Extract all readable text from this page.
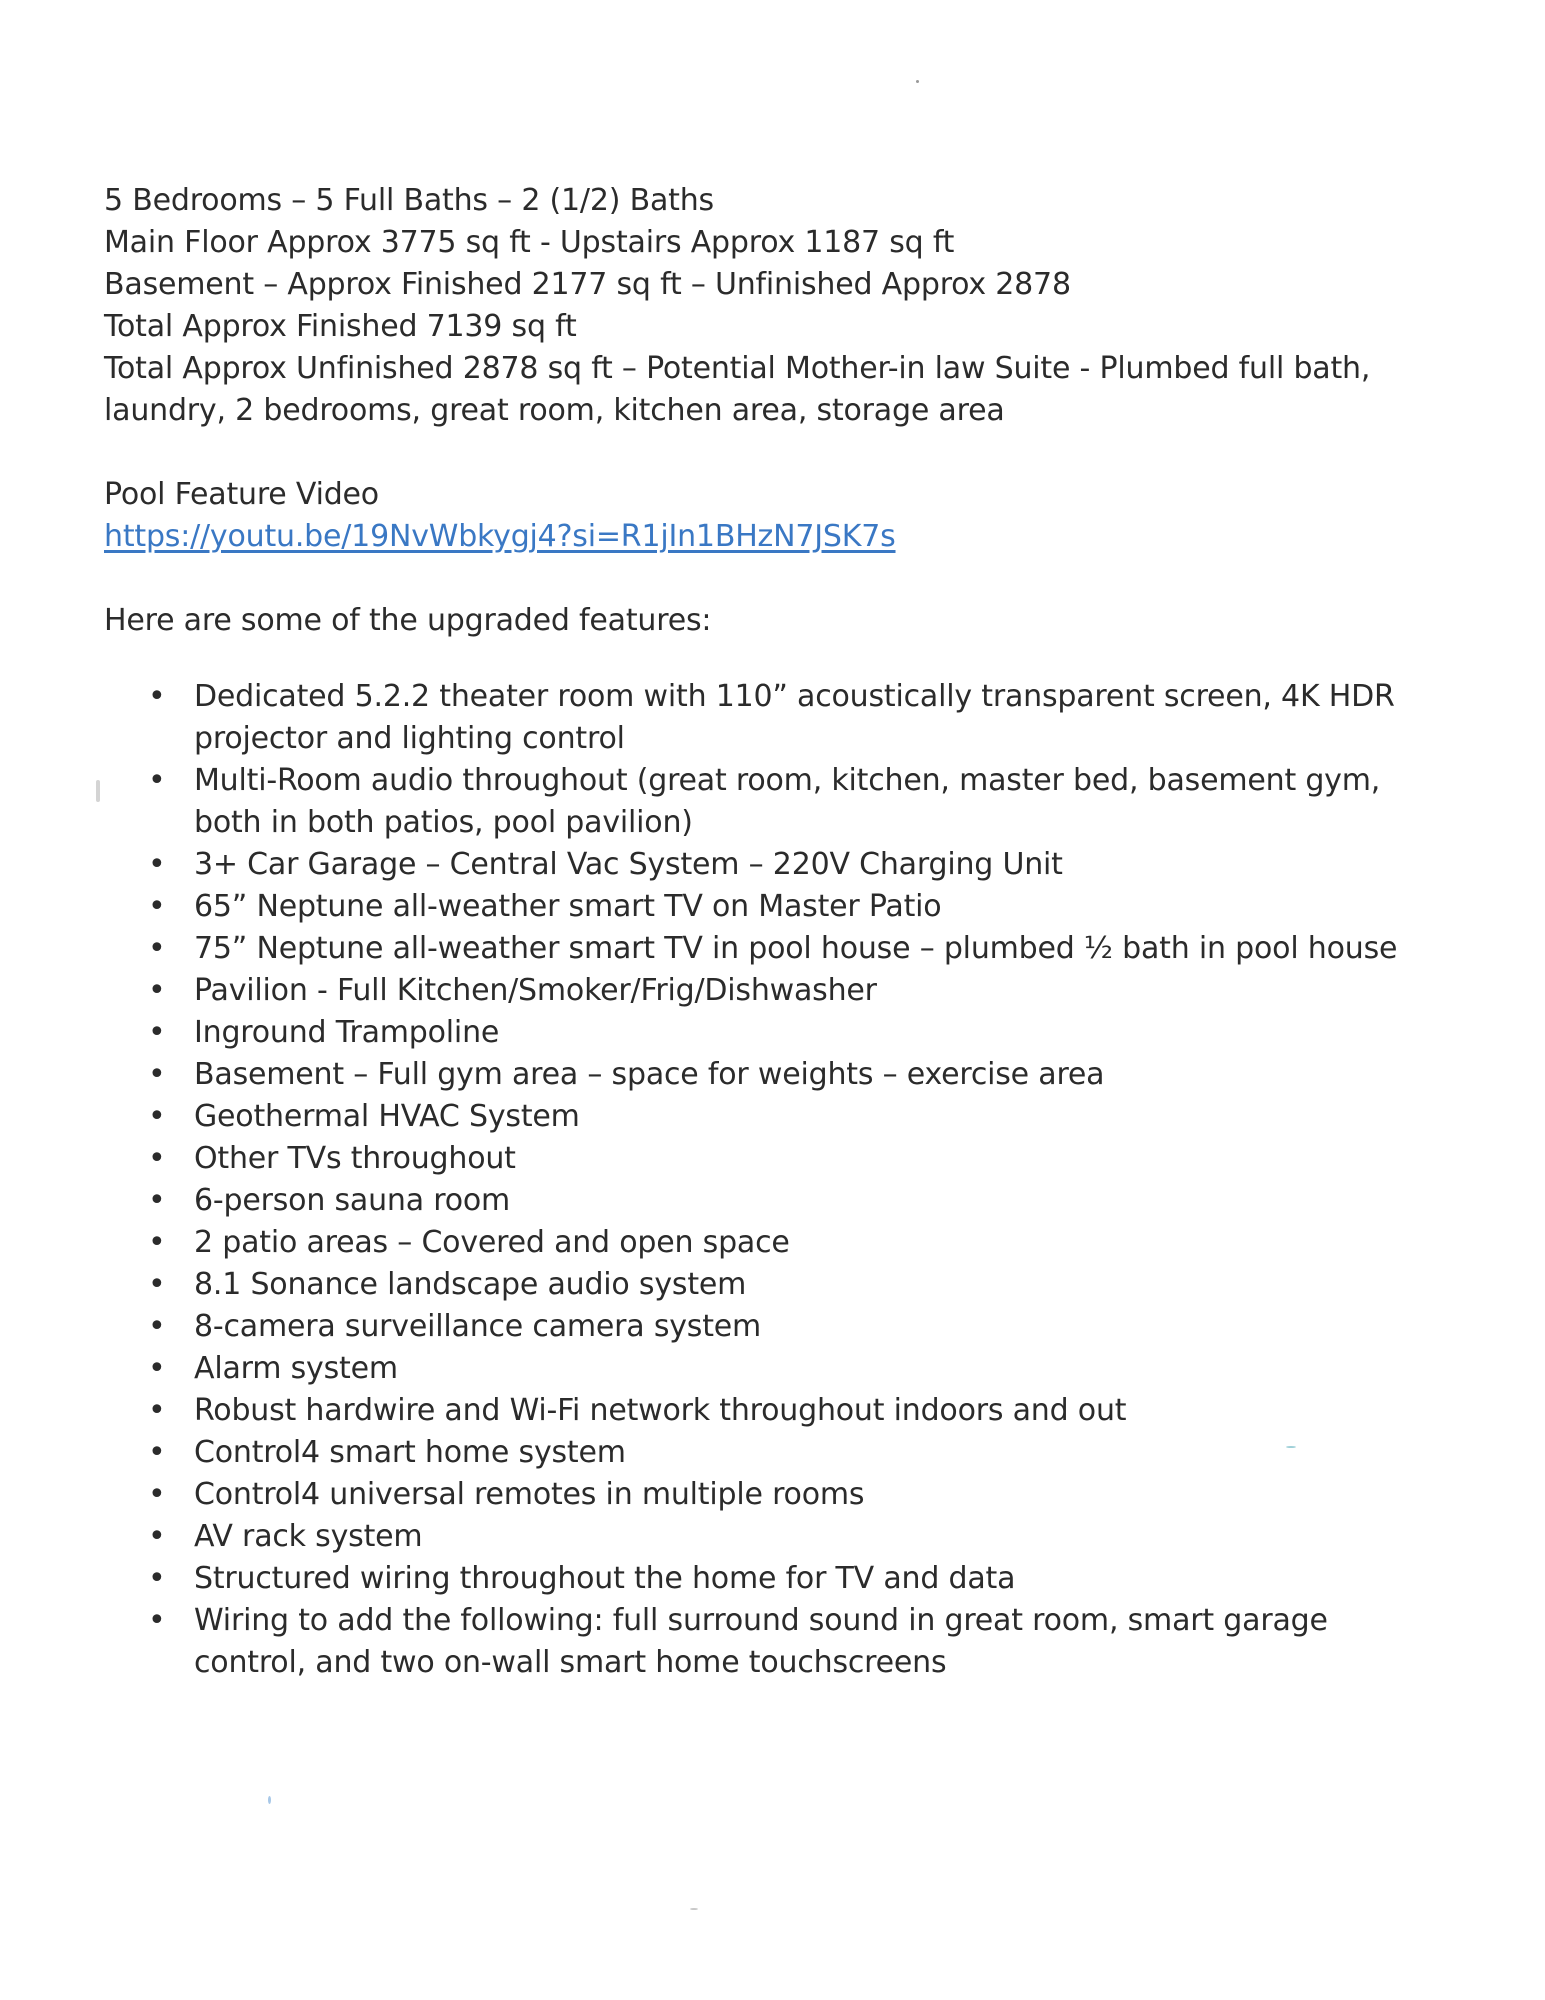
5 Bedrooms – 5 Full Baths – 2 (1/2) Baths
Main Floor Approx 3775 sq ft - Upstairs Approx 1187 sq ft
Basement – Approx Finished 2177 sq ft – Unfinished Approx 2878
Total Approx Finished 7139 sq ft
Total Approx Unfinished 2878 sq ft – Potential Mother-in law Suite - Plumbed full bath,
laundry, 2 bedrooms, great room, kitchen area, storage area
Pool Feature Video
https://youtu.be/19NvWbkygj4?si=R1jIn1BHzN7JSK7s
Here are some of the upgraded features:
• Dedicated 5.2.2 theater room with 110” acoustically transparent screen, 4K HDR projector and lighting control
• Multi-Room audio throughout (great room, kitchen, master bed, basement gym, both in both patios, pool pavilion)
• 3+ Car Garage – Central Vac System – 220V Charging Unit
• 65” Neptune all-weather smart TV on Master Patio
• 75” Neptune all-weather smart TV in pool house – plumbed ½ bath in pool house
• Pavilion - Full Kitchen/Smoker/Frig/Dishwasher
• Inground Trampoline
• Basement – Full gym area – space for weights – exercise area
• Geothermal HVAC System
• Other TVs throughout
• 6-person sauna room
• 2 patio areas – Covered and open space
• 8.1 Sonance landscape audio system
• 8-camera surveillance camera system
• Alarm system
• Robust hardwire and Wi-Fi network throughout indoors and out
• Control4 smart home system
• Control4 universal remotes in multiple rooms
• AV rack system
• Structured wiring throughout the home for TV and data
• Wiring to add the following: full surround sound in great room, smart garage control, and two on-wall smart home touchscreens
